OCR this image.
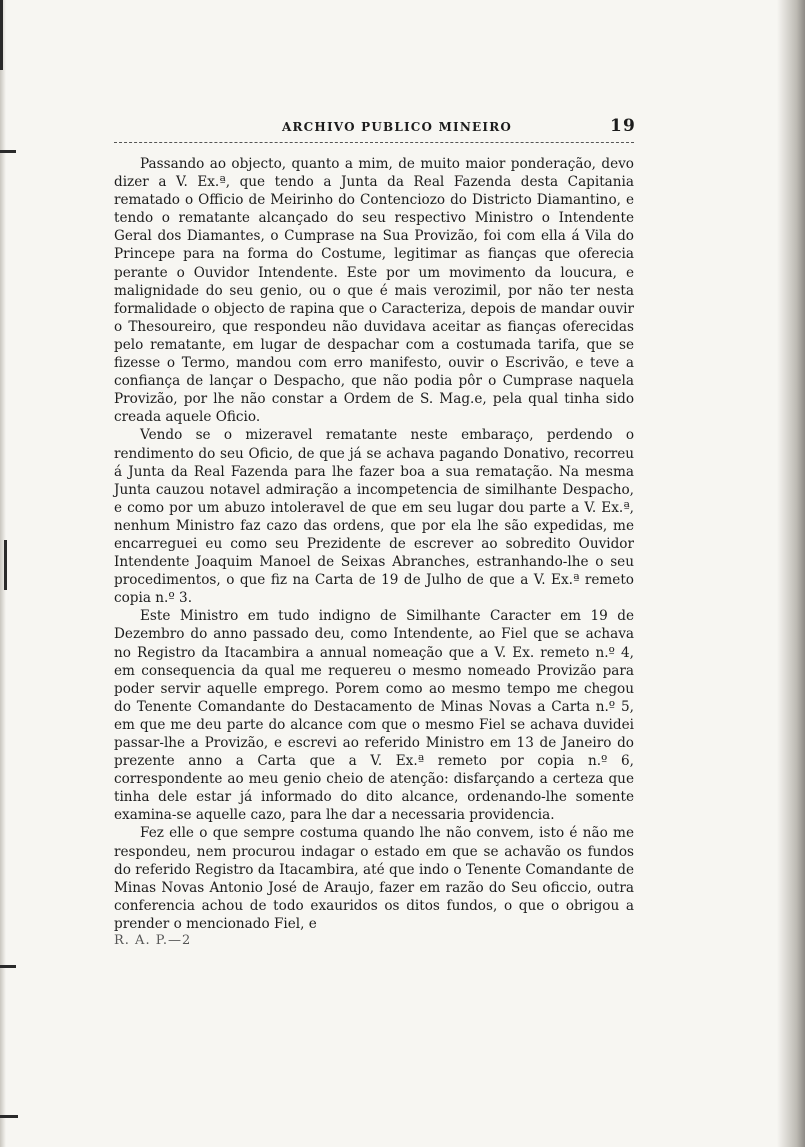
ARCHIVO PUBLICO MINEIRO	19

Passando ao objecto, quanto a mim, de muito maior ponderação, devo dizer a V. Ex.ª, que tendo a Junta da Real Fazenda desta Capitania rematado o Officio de Meirinho do Contenciozo do Districto Diamantino, e tendo o rematante alcançado do seu respectivo Ministro o Intendente Geral dos Diamantes, o Cumprase na Sua Provizão, foi com ella á Vila do Princepe para na forma do Costume, legitimar as fianças que oferecia perante o Ouvidor Intendente. Este por um movimento da loucura, e malignidade do seu genio, ou o que é mais verozimil, por não ter nesta formalidade o objecto de rapina que o Caracteriza, depois de mandar ouvir o Thesoureiro, que respondeu não duvidava aceitar as fianças oferecidas pelo rematante, em lugar de despachar com a costumada tarifa, que se fizesse o Termo, mandou com erro manifesto, ouvir o Escrivão, e teve a confiança de lançar o Despacho, que não podia pôr o Cumprase naquela Provizão, por lhe não constar a Ordem de S. Mag.e, pela qual tinha sido creada aquele Oficio.

Vendo se o mizeravel rematante neste embaraço, perdendo o rendimento do seu Oficio, de que já se achava pagando Donativo, recorreu á Junta da Real Fazenda para lhe fazer boa a sua rematação. Na mesma Junta cauzou notavel admiração a incompetencia de similhante Despacho, e como por um abuzo intoleravel de que em seu lugar dou parte a V. Ex.ª, nenhum Ministro faz cazo das ordens, que por ela lhe são expedidas, me encarreguei eu como seu Prezidente de escrever ao sobredito Ouvidor Intendente Joaquim Manoel de Seixas Abranches, estranhando-lhe o seu procedimentos, o que fiz na Carta de 19 de Julho de que a V. Ex.ª remeto copia n.º 3.

Este Ministro em tudo indigno de Similhante Caracter em 19 de Dezembro do anno passado deu, como Intendente, ao Fiel que se achava no Registro da Itacambira a annual nomeação que a V. Ex. remeto n.º 4, em consequencia da qual me requereu o mesmo nomeado Provizão para poder servir aquelle emprego. Porem como ao mesmo tempo me chegou do Tenente Comandante do Destacamento de Minas Novas a Carta n.º 5, em que me deu parte do alcance com que o mesmo Fiel se achava duvidei passar-lhe a Provizão, e escrevi ao referido Ministro em 13 de Janeiro do prezente anno a Carta que a V. Ex.ª remeto por copia n.º 6, correspondente ao meu genio cheio de atenção: disfarçando a certeza que tinha dele estar já informado do dito alcance, ordenando-lhe somente examina-se aquelle cazo, para lhe dar a necessaria providencia.

Fez elle o que sempre costuma quando lhe não convem, isto é não me respondeu, nem procurou indagar o estado em que se achavão os fundos do referido Registro da Itacambira, até que indo o Tenente Comandante de Minas Novas Antonio José de Araujo, fazer em razão do Seu oficcio, outra conferencia achou de todo exauridos os ditos fundos, o que o obrigou a prender o mencionado Fiel, e

R. A. P.—2
